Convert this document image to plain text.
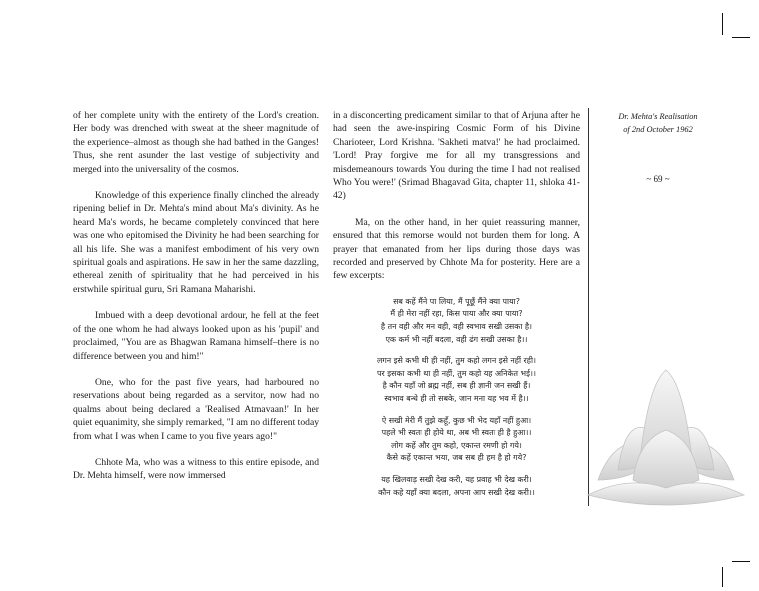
of her complete unity with the entirety of the Lord's creation. Her body was drenched with sweat at the sheer magnitude of the experience–almost as though she had bathed in the Ganges! Thus, she rent asunder the last vestige of subjectivity and merged into the universality of the cosmos.

Knowledge of this experience finally clinched the already ripening belief in Dr. Mehta's mind about Ma's divinity. As he heard Ma's words, he became completely convinced that here was one who epitomised the Divinity he had been searching for all his life. She was a manifest embodiment of his very own spiritual goals and aspirations. He saw in her the same dazzling, ethereal zenith of spirituality that he had perceived in his erstwhile spiritual guru, Sri Ramana Maharishi.

Imbued with a deep devotional ardour, he fell at the feet of the one whom he had always looked upon as his 'pupil' and proclaimed, "You are as Bhagwan Ramana himself–there is no difference between you and him!"

One, who for the past five years, had harboured no reservations about being regarded as a servitor, now had no qualms about being declared a 'Realised Atmavaan!' In her quiet equanimity, she simply remarked, "I am no different today from what I was when I came to you five years ago!"

Chhote Ma, who was a witness to this entire episode, and Dr. Mehta himself, were now immersed

in a disconcerting predicament similar to that of Arjuna after he had seen the awe-inspiring Cosmic Form of his Divine Charioteer, Lord Krishna. 'Sakheti matva!' he had proclaimed. 'Lord! Pray forgive me for all my transgressions and misdemeanours towards You during the time I had not realised Who You were!' (Srimad Bhagavad Gita, chapter 11, shloka 41-42)

Ma, on the other hand, in her quiet reassuring manner, ensured that this remorse would not burden them for long. A prayer that emanated from her lips during those days was recorded and preserved by Chhote Ma for posterity. Here are a few excerpts:

सब कहें मैंने पा लिया, मैं पूछूँ मैंने क्या पाया?
मैं ही मेरा नहीं रहा, किस पाया और क्या पाया?
है तन वही और मन वही, वही स्वभाव सखी उसका है।
एक कर्म भी नहीं बदला, वही ढंग सखी उसका है।।
लगन इसे कभी थी ही नहीं, तुम कहो लगन इसे नहीं रही।
पर इसका कभी था ही नहीं, तुम कहो यह अनिकेत भई।।
है कौन यहाँ जो ब्रह्म नहीं, सब ही ज्ञानी जन सखी हैं।
स्वभाव बन्धे ही तो सबके, जान मना यह भव में है।।
ऐ सखी मेरी मैं तुझे कहूँ, कुछ भी भेद यहाँ नहीं हुआ।
पहले भी स्वतः ही होये था, अब भी स्वतः ही है हुआ।।
लोग कहें और तुम कहो, एकान्त रमणी हो गये।
कैसे कहें एकान्त भया, जब सब ही हम है हो गये?
यह खिलवाड़ सखी देख करी, यह प्रवाह भी देख करी।
कौन कहे यहाँ क्या बदला, अपना आप सखी देख करी।।
Dr. Mehta's Realisation
of 2nd October 1962
~ 69 ~
